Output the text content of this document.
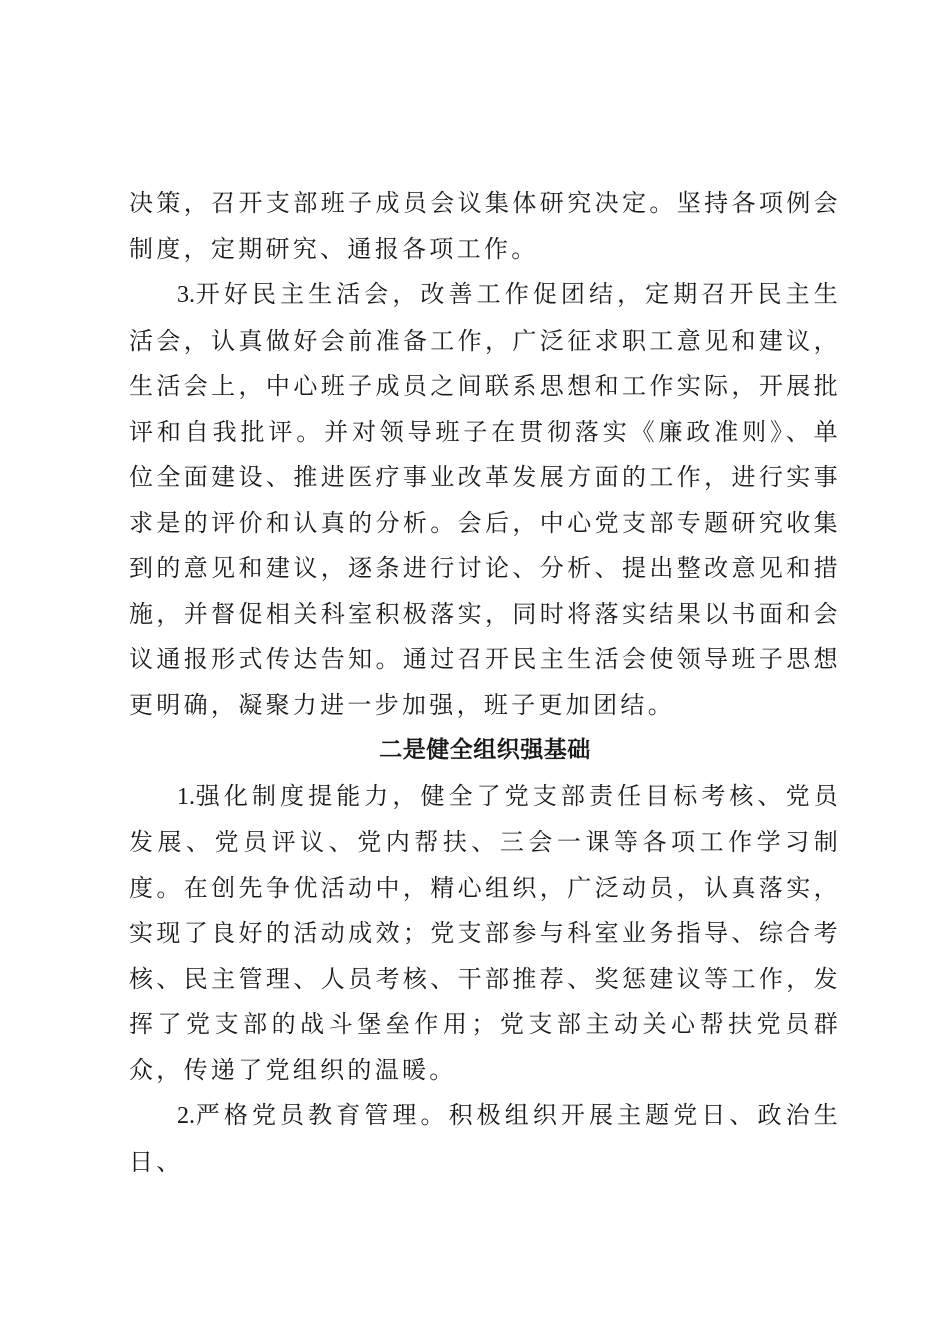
决策，召开支部班子成员会议集体研究决定。坚持各项例会制度，定期研究、通报各项工作。

3.开好民主生活会，改善工作促团结，定期召开民主生活会，认真做好会前准备工作，广泛征求职工意见和建议，生活会上，中心班子成员之间联系思想和工作实际，开展批评和自我批评。并对领导班子在贯彻落实《廉政准则》、单位全面建设、推进医疗事业改革发展方面的工作，进行实事求是的评价和认真的分析。会后，中心党支部专题研究收集到的意见和建议，逐条进行讨论、分析、提出整改意见和措施，并督促相关科室积极落实，同时将落实结果以书面和会议通报形式传达告知。通过召开民主生活会使领导班子思想更明确，凝聚力进一步加强，班子更加团结。

二是健全组织强基础

1.强化制度提能力，健全了党支部责任目标考核、党员发展、党员评议、党内帮扶、三会一课等各项工作学习制度。在创先争优活动中，精心组织，广泛动员，认真落实，实现了良好的活动成效；党支部参与科室业务指导、综合考核、民主管理、人员考核、干部推荐、奖惩建议等工作，发挥了党支部的战斗堡垒作用；党支部主动关心帮扶党员群众，传递了党组织的温暖。

2.严格党员教育管理。积极组织开展主题党日、政治生日、
